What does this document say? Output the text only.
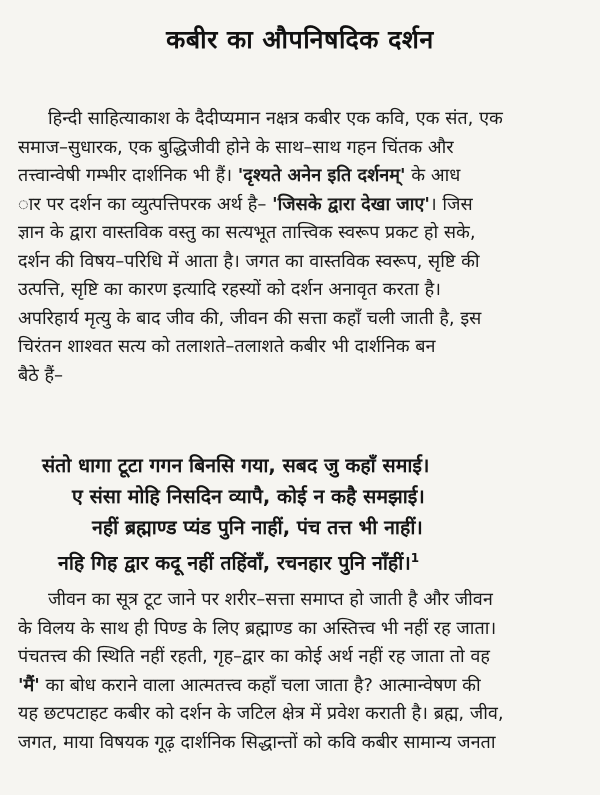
कबीर का औपनिषदिक दर्शन
हिन्दी साहित्याकाश के दैदीप्यमान नक्षत्र कबीर एक कवि, एक संत, एक
समाज–सुधारक, एक बुद्धिजीवी होने के साथ–साथ गहन चिंतक और
तत्त्वान्वेषी गम्भीर दार्शनिक भी हैं। 'दृश्यते अनेन इति दर्शनम्' के आध
ार पर दर्शन का व्युत्पत्तिपरक अर्थ है– 'जिसके द्वारा देखा जाए'। जिस
ज्ञान के द्वारा वास्तविक वस्तु का सत्यभूत तात्त्विक स्वरूप प्रकट हो सके,
दर्शन की विषय–परिधि में आता है। जगत का वास्तविक स्वरूप, सृष्टि की
उत्पत्ति, सृष्टि का कारण इत्यादि रहस्यों को दर्शन अनावृत करता है।
अपरिहार्य मृत्यु के बाद जीव की, जीवन की सत्ता कहाँ चली जाती है, इस
चिरंतन शाश्वत सत्य को तलाशते–तलाशते कबीर भी दार्शनिक बन
बैठे हैं–
संतो धागा टूटा गगन बिनसि गया, सबद जु कहाँ समाई।
ए संसा मोहि निसदिन व्यापै, कोई न कहै समझाई।
नहीं ब्रह्माण्ड प्यंड पुनि नाहीं, पंच तत्त भी नाहीं।
नहि गिह द्वार कदू नहीं तहिंवाँ, रचनहार पुनि नाँहीं।$^1$
जीवन का सूत्र टूट जाने पर शरीर–सत्ता समाप्त हो जाती है और जीवन
के विलय के साथ ही पिण्ड के लिए ब्रह्माण्ड का अस्तित्त्व भी नहीं रह जाता।
पंचतत्त्व की स्थिति नहीं रहती, गृह–द्वार का कोई अर्थ नहीं रह जाता तो वह
'मैं' का बोध कराने वाला आत्मतत्त्व कहाँ चला जाता है? आत्मान्वेषण की
यह छटपटाहट कबीर को दर्शन के जटिल क्षेत्र में प्रवेश कराती है। ब्रह्म, जीव,
जगत, माया विषयक गूढ़ दार्शनिक सिद्धान्तों को कवि कबीर सामान्य जनता
